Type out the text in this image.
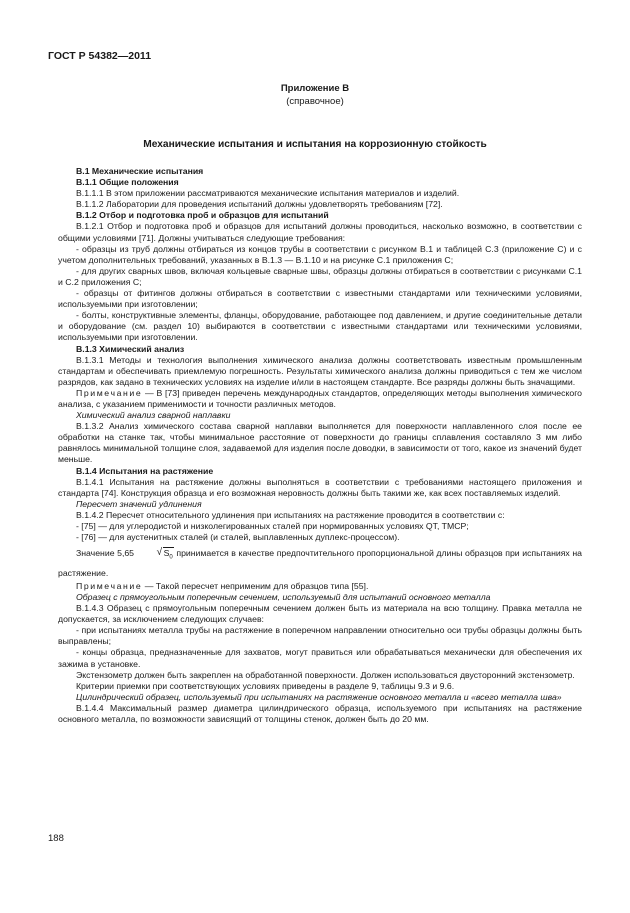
ГОСТ Р 54382—2011
Приложение В
(справочное)
Механические испытания и испытания на коррозионную стойкость

В.1 Механические испытания

В.1.1 Общие положения

В.1.1.1 В этом приложении рассматриваются механические испытания материалов и изделий.

В.1.1.2 Лаборатории для проведения испытаний должны удовлетворять требованиям [72].

В.1.2 Отбор и подготовка проб и образцов для испытаний

В.1.2.1 Отбор и подготовка проб и образцов для испытаний должны проводиться, насколько возможно, в соответствии с общими условиями [71]. Должны учитываться следующие требования:

- образцы из труб должны отбираться из концов трубы в соответствии с рисунком В.1 и таблицей С.3 (приложение С) и с учетом дополнительных требований, указанных в В.1.3 — В.1.10 и на рисунке С.1 приложения С;

- для других сварных швов, включая кольцевые сварные швы, образцы должны отбираться в соответствии с рисунками С.1 и С.2 приложения С;

- образцы от фитингов должны отбираться в соответствии с известными стандартами или техническими условиями, используемыми при изготовлении;

- болты, конструктивные элементы, фланцы, оборудование, работающее под давлением, и другие соединительные детали и оборудование (см. раздел 10) выбираются в соответствии с известными стандартами или техническими условиями, используемыми при изготовлении.

В.1.3 Химический анализ

В.1.3.1 Методы и технология выполнения химического анализа должны соответствовать известным промышленным стандартам и обеспечивать приемлемую погрешность. Результаты химического анализа должны приводиться с тем же числом разрядов, как задано в технических условиях на изделие и/или в настоящем стандарте. Все разряды должны быть значащими.

Примечание — В [73] приведен перечень международных стандартов, определяющих методы выполнения химического анализа, с указанием применимости и точности различных методов.

Химический анализ сварной наплавки

В.1.3.2 Анализ химического состава сварной наплавки выполняется для поверхности наплавленного слоя после ее обработки на станке так, чтобы минимальное расстояние от поверхности до границы сплавления составляло 3 мм либо равнялось минимальной толщине слоя, задаваемой для изделия после доводки, в зависимости от того, какое из значений будет меньше.

В.1.4 Испытания на растяжение

В.1.4.1 Испытания на растяжение должны выполняться в соответствии с требованиями настоящего приложения и стандарта [74]. Конструкция образца и его возможная неровность должны быть такими же, как всех поставляемых изделий.

Пересчет значений удлинения

В.1.4.2 Пересчет относительного удлинения при испытаниях на растяжение проводится в соответствии с:

- [75] — для углеродистой и низколегированных сталей при нормированных условиях QT, TMCP;

- [76] — для аустенитных сталей (и сталей, выплавленных дуплекс-процессом).

Значение 5,65	√ $S_0$ принимается в качестве предпочтительного пропорциональной длины образцов при испытаниях на растяжение.

Примечание — Такой пересчет неприменим для образцов типа [55].

Образец с прямоугольным поперечным сечением, используемый для испытаний основного металла

В.1.4.3 Образец с прямоугольным поперечным сечением должен быть из материала на всю толщину. Правка металла не допускается, за исключением следующих случаев:

- при испытаниях металла трубы на растяжение в поперечном направлении относительно оси трубы образцы должны быть выправлены;

- концы образца, предназначенные для захватов, могут правиться или обрабатываться механически для обеспечения их зажима в установке.

Экстензометр должен быть закреплен на обработанной поверхности. Должен использоваться двусторонний экстензометр.

Критерии приемки при соответствующих условиях приведены в разделе 9, таблицы 9.3 и 9.6.

Цилиндрический образец, используемый при испытаниях на растяжение основного металла и «всего металла шва»

В.1.4.4 Максимальный размер диаметра цилиндрического образца, используемого при испытаниях на растяжение основного металла, по возможности зависящий от толщины стенок, должен быть до 20 мм.

188
